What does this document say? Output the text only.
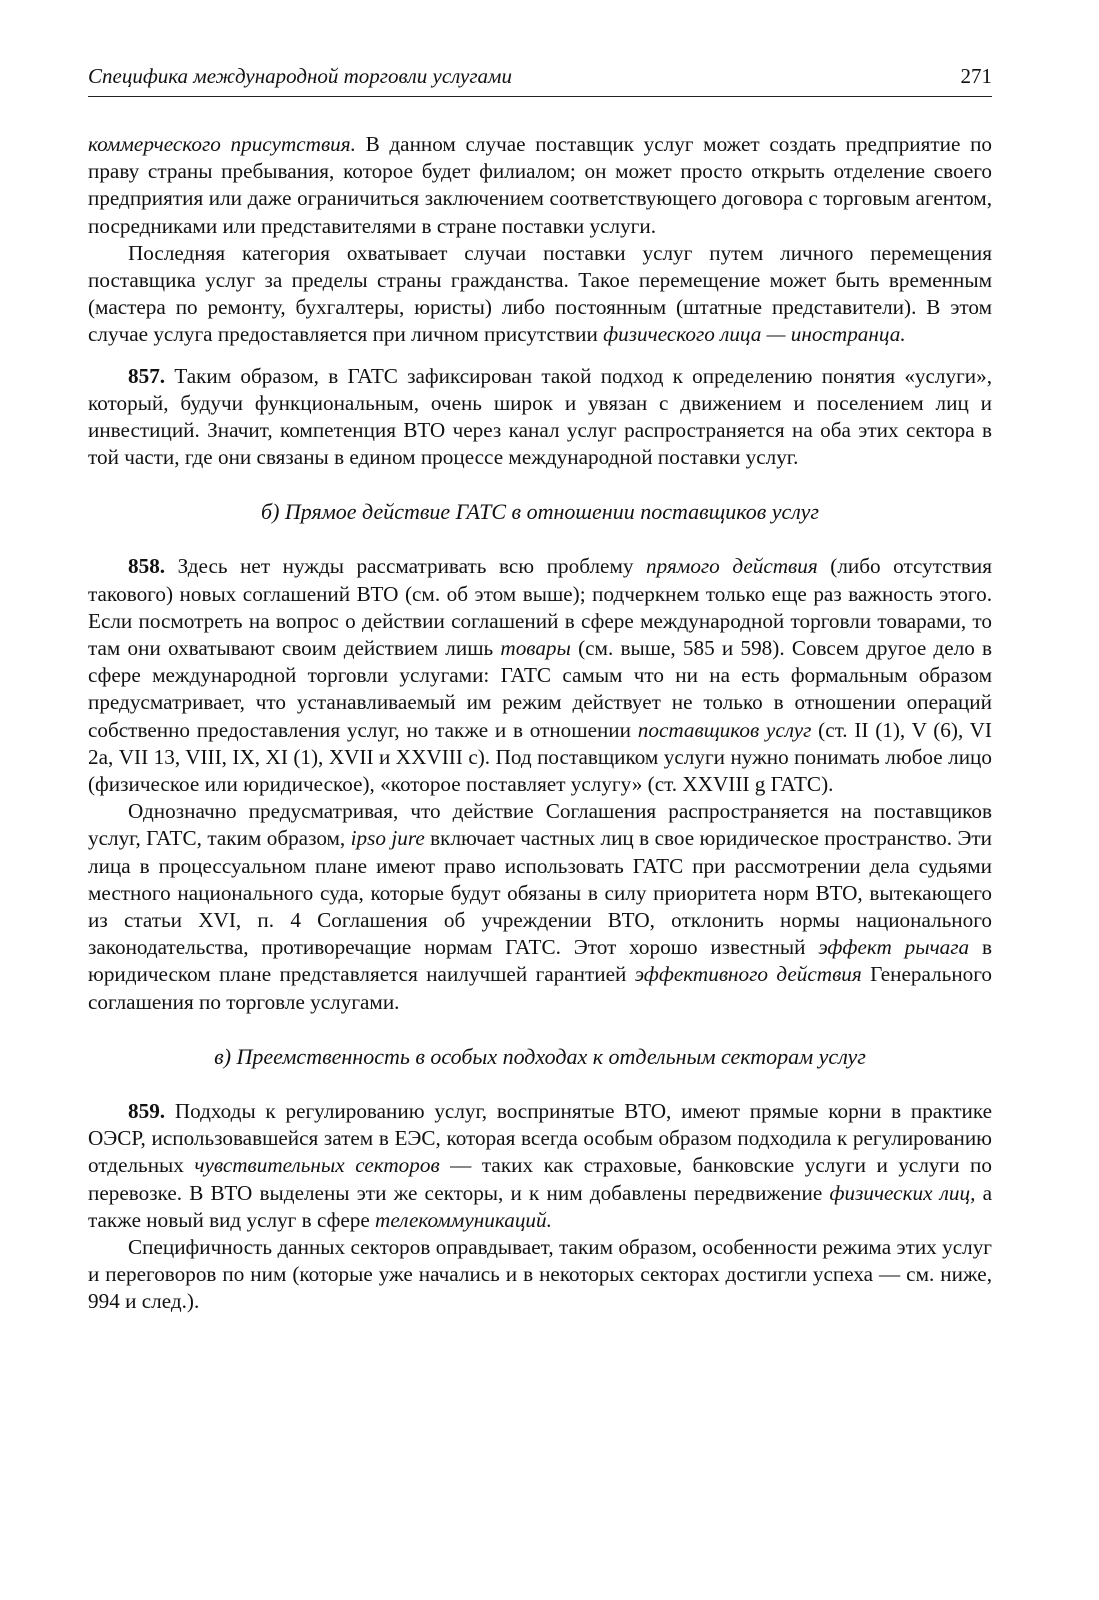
Специфика международной торговли услугами	271

коммерческого присутствия. В данном случае поставщик услуг может создать предприятие по праву страны пребывания, которое будет филиалом; он может просто открыть отделение своего предприятия или даже ограничиться заключением соответствующего договора с торговым агентом, посредниками или представителями в стране поставки услуги.

Последняя категория охватывает случаи поставки услуг путем личного перемещения поставщика услуг за пределы страны гражданства. Такое перемещение может быть временным (мастера по ремонту, бухгалтеры, юристы) либо постоянным (штатные представители). В этом случае услуга предоставляется при личном присутствии физического лица — иностранца.

857. Таким образом, в ГАТС зафиксирован такой подход к определению понятия «услуги», который, будучи функциональным, очень широк и увязан с движением и поселением лиц и инвестиций. Значит, компетенция ВТО через канал услуг распространяется на оба этих сектора в той части, где они связаны в едином процессе международной поставки услуг.

б) Прямое действие ГАТС в отношении поставщиков услуг

858. Здесь нет нужды рассматривать всю проблему прямого действия (либо отсутствия такового) новых соглашений ВТО (см. об этом выше); подчеркнем только еще раз важность этого. Если посмотреть на вопрос о действии соглашений в сфере международной торговли товарами, то там они охватывают своим действием лишь товары (см. выше, 585 и 598). Совсем другое дело в сфере международной торговли услугами: ГАТС самым что ни на есть формальным образом предусматривает, что устанавливаемый им режим действует не только в отношении операций собственно предоставления услуг, но также и в отношении поставщиков услуг (ст. II (1), V (6), VI 2а, VII 13, VIII, IX, XI (1), XVII и XXVIII с). Под поставщиком услуги нужно понимать любое лицо (физическое или юридическое), «которое поставляет услугу» (ст. XXVIII g ГАТС).

Однозначно предусматривая, что действие Соглашения распространяется на поставщиков услуг, ГАТС, таким образом, ipso jure включает частных лиц в свое юридическое пространство. Эти лица в процессуальном плане имеют право использовать ГАТС при рассмотрении дела судьями местного национального суда, которые будут обязаны в силу приоритета норм ВТО, вытекающего из статьи XVI, п. 4 Соглашения об учреждении ВТО, отклонить нормы национального законодательства, противоречащие нормам ГАТС. Этот хорошо известный эффект рычага в юридическом плане представляется наилучшей гарантией эффективного действия Генерального соглашения по торговле услугами.

в) Преемственность в особых подходах к отдельным секторам услуг

859. Подходы к регулированию услуг, воспринятые ВТО, имеют прямые корни в практике ОЭСР, использовавшейся затем в ЕЭС, которая всегда особым образом подходила к регулированию отдельных чувствительных секторов — таких как страховые, банковские услуги и услуги по перевозке. В ВТО выделены эти же секторы, и к ним добавлены передвижение физических лиц, а также новый вид услуг в сфере телекоммуникаций.

Специфичность данных секторов оправдывает, таким образом, особенности режима этих услуг и переговоров по ним (которые уже начались и в некоторых секторах достигли успеха — см. ниже, 994 и след.).
